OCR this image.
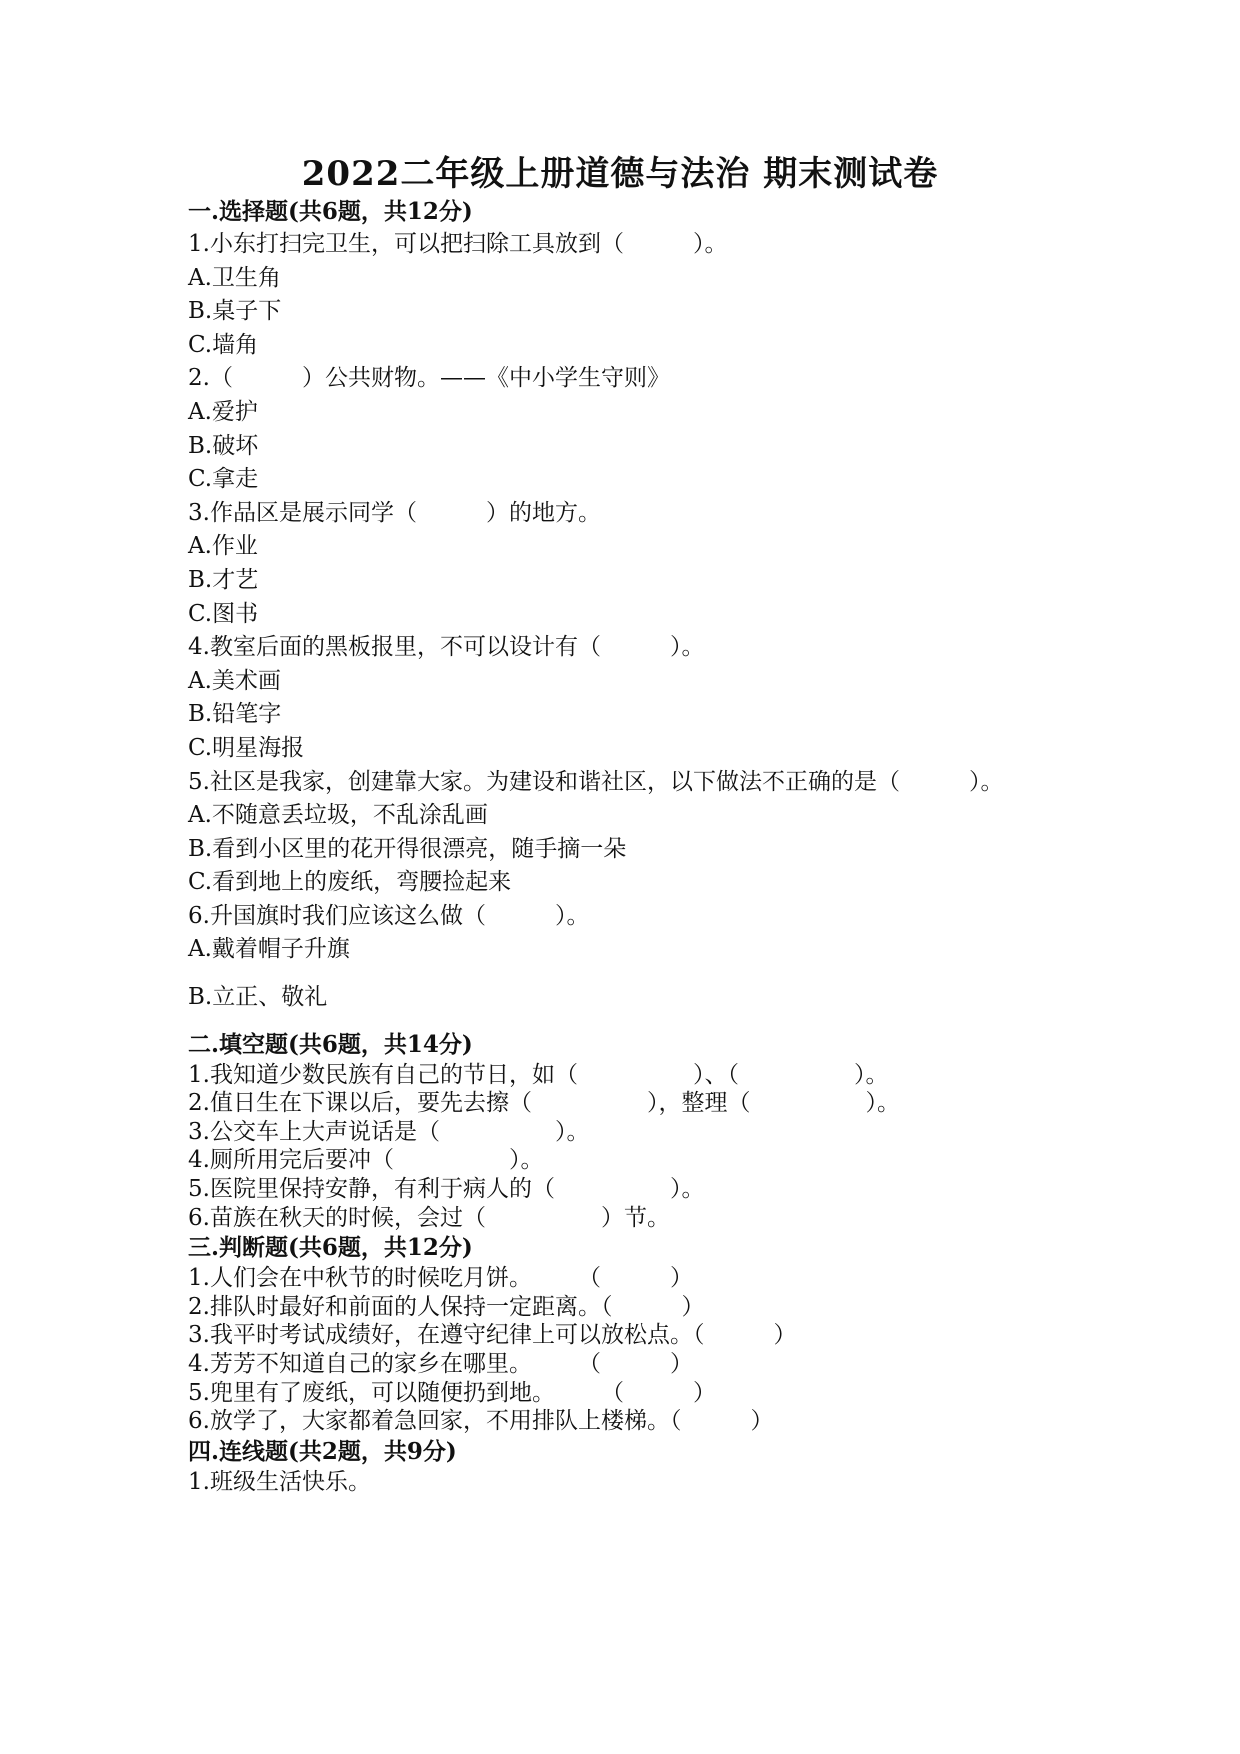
2022二年级上册道德与法治 期末测试卷
一.选择题(共6题，共12分)
1.小东打扫完卫生，可以把扫除工具放到（　　　）。
A.卫生角
B.桌子下
C.墙角
2.（　　　）公共财物。——《中小学生守则》
A.爱护
B.破坏
C.拿走
3.作品区是展示同学（　　　）的地方。
A.作业
B.才艺
C.图书
4.教室后面的黑板报里，不可以设计有（　　　）。
A.美术画
B.铅笔字
C.明星海报
5.社区是我家，创建靠大家。为建设和谐社区，以下做法不正确的是（　　　）。
A.不随意丢垃圾，不乱涂乱画
B.看到小区里的花开得很漂亮，随手摘一朵
C.看到地上的废纸，弯腰捡起来
6.升国旗时我们应该这么做（　　　）。
A.戴着帽子升旗
B.立正、敬礼
二.填空题(共6题，共14分)
1.我知道少数民族有自己的节日，如（　　　　　）、（　　　　　）。
2.值日生在下课以后，要先去擦（　　　　　），整理（　　　　　）。
3.公交车上大声说话是（　　　　　）。
4.厕所用完后要冲（　　　　　）。
5.医院里保持安静，有利于病人的（　　　　　）。
6.苗族在秋天的时候，会过（　　　　　）节。
三.判断题(共6题，共12分)
1.人们会在中秋节的时候吃月饼。　　　（　　　）
2.排队时最好和前面的人保持一定距离。（　　　）
3.我平时考试成绩好，在遵守纪律上可以放松点。（　　　）
4.芳芳不知道自己的家乡在哪里。　　　（　　　）
5.兜里有了废纸，可以随便扔到地。　　　（　　　）
6.放学了，大家都着急回家，不用排队上楼梯。（　　　）
四.连线题(共2题，共9分)
1.班级生活快乐。
